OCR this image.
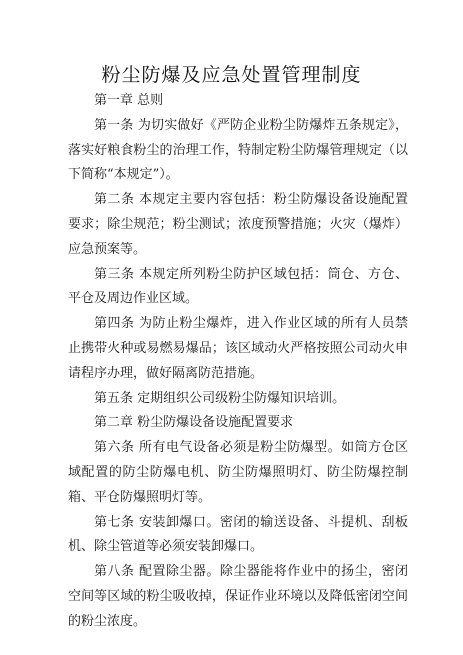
粉尘防爆及应急处置管理制度

第一章 总则

第一条 为切实做好《严防企业粉尘防爆炸五条规定》，落实好粮食粉尘的治理工作，特制定粉尘防爆管理规定（以下简称“本规定”）。

第二条 本规定主要内容包括：粉尘防爆设备设施配置要求；除尘规范；粉尘测试；浓度预警措施；火灾（爆炸）应急预案等。

第三条 本规定所列粉尘防护区域包括：筒仓、方仓、平仓及周边作业区域。

第四条 为防止粉尘爆炸，进入作业区域的所有人员禁止携带火种或易燃易爆品；该区域动火严格按照公司动火申请程序办理，做好隔离防范措施。

第五条 定期组织公司级粉尘防爆知识培训。

第二章 粉尘防爆设备设施配置要求

第六条 所有电气设备必须是粉尘防爆型。如筒方仓区域配置的防尘防爆电机、防尘防爆照明灯、防尘防爆控制箱、平仓防爆照明灯等。

第七条 安装卸爆口。密闭的输送设备、斗提机、刮板机、除尘管道等必须安装卸爆口。

第八条 配置除尘器。除尘器能将作业中的扬尘，密闭空间等区域的粉尘吸收掉，保证作业环境以及降低密闭空间的粉尘浓度。
